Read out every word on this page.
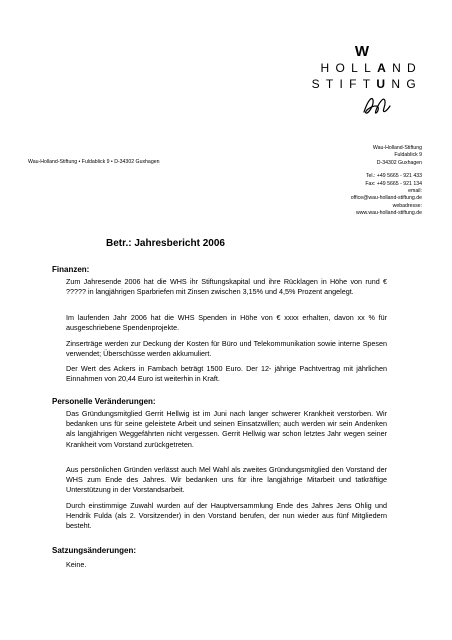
W
HOLLAND
STIFTUNG
Wau-Holland-Stiftung • Fuldablick 9 • D-34302 Guxhagen
Wau-Holland-Stiftung
Fuldablick 9
D-34302 Guxhagen
Tel.: +49 5665 - 921 433
Fax: +49 5665 - 921 134
email:
office@wau-holland-stiftung.de
webadresse:
www.wau-holland-stiftung.de
Betr.: Jahresbericht 2006
Finanzen:
Zum Jahresende 2006 hat die WHS ihr Stiftungskapital und ihre Rücklagen in Höhe von rund € ????? in langjährigen Sparbriefen mit Zinsen zwischen 3,15% und 4,5% Prozent angelegt.
Im laufenden Jahr 2006 hat die WHS Spenden in Höhe von € xxxx erhalten, davon xx % für ausgeschriebene Spendenprojekte.
Zinserträge werden zur Deckung der Kosten für Büro und Telekommunikation sowie interne Spesen verwendet; Überschüsse werden akkumuliert.
Der Wert des Ackers in Fambach beträgt 1500 Euro. Der 12- jährige Pachtvertrag mit jährlichen Einnahmen von 20,44 Euro ist weiterhin in Kraft.
Personelle Veränderungen:
Das Gründungsmitglied Gerrit Hellwig ist im Juni nach langer schwerer Krankheit verstorben. Wir bedanken uns für seine geleistete Arbeit und seinen Einsatzwillen; auch werden wir sein Andenken als langjährigen Weggefährten nicht vergessen. Gerrit Hellwig war schon letztes Jahr wegen seiner Krankheit vom Vorstand zurückgetreten.
Aus persönlichen Gründen verlässt auch Mel Wahl als zweites Gründungsmitglied den Vorstand der WHS zum Ende des Jahres. Wir bedanken uns für ihre langjährige Mitarbeit und tatkräftige Unterstützung in der Vorstandsarbeit.
Durch einstimmige Zuwahl wurden auf der Hauptversammlung Ende des Jahres Jens Ohlig und Hendrik Fulda (als 2. Vorsitzender) in den Vorstand berufen, der nun wieder aus fünf Mitgliedern besteht.
Satzungsänderungen:
Keine.
